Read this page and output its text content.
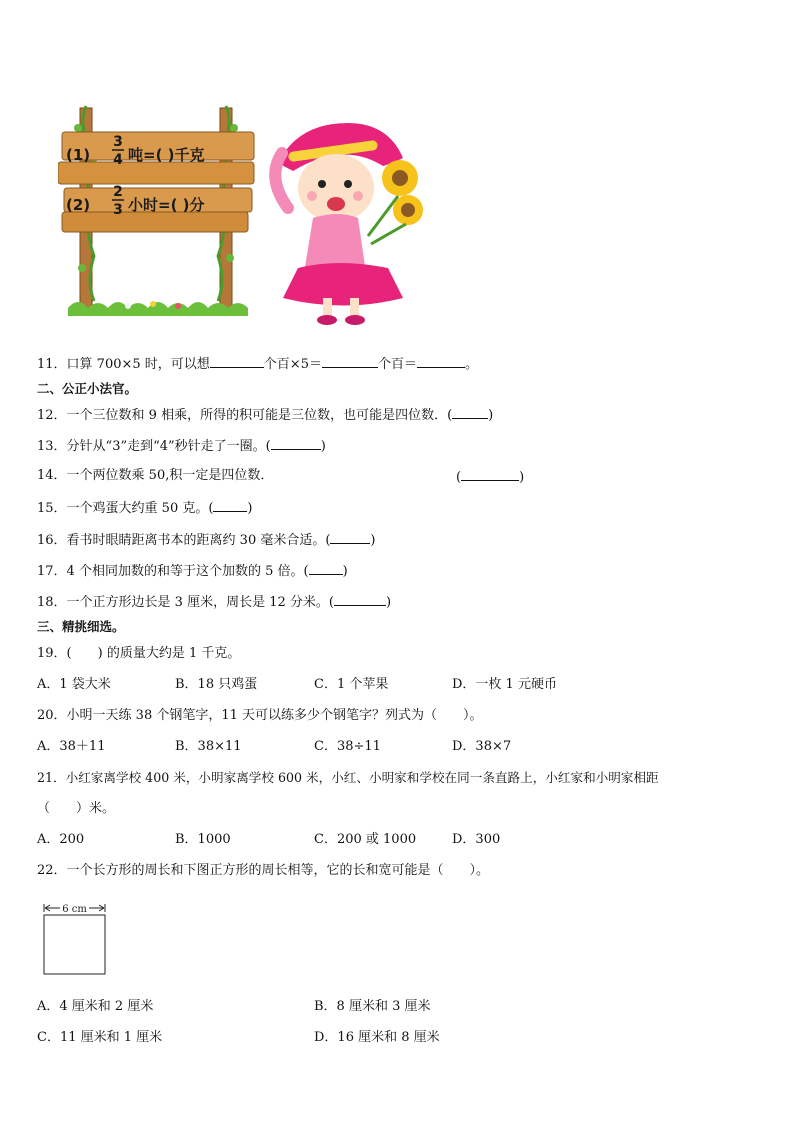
(1)
3
4 吨=( )千克
(2)
2
3 小时=( )分
11．口算 700×5 时，可以想	个百×5＝	个百＝	。
二、公正小法官。
12．一个三位数和 9 相乘，所得的积可能是三位数，也可能是四位数．(	)
13．分针从“3”走到“4”秒针走了一圈。(	)
14．一个两位数乘 50,积一定是四位数．	(	)
15．一个鸡蛋大约重 50 克。(	)
16．看书时眼睛距离书本的距离约 30 毫米合适。(	)
17．4 个相同加数的和等于这个加数的 5 倍。(	)
18．一个正方形边长是 3 厘米，周长是 12 分米。(	)
三、精挑细选。
19．(　　) 的质量大约是 1 千克。
A．1 袋大米	B．18 只鸡蛋	C．1 个苹果	D．一枚 1 元硬币
20．小明一天练 38 个钢笔字，11 天可以练多少个钢笔字？列式为（　　）。
A．38＋11	B．38×11	C．38÷11	D．38×7
21．小红家离学校 400 米，小明家离学校 600 米，小红、小明家和学校在同一条直路上，小红家和小明家相距
（　　）米。
A．200	B．1000	C．200 或 1000	D．300
22．一个长方形的周长和下图正方形的周长相等，它的长和宽可能是（　　）。
6 cm
A．4 厘米和 2 厘米	B．8 厘米和 3 厘米
C．11 厘米和 1 厘米	D．16 厘米和 8 厘米
